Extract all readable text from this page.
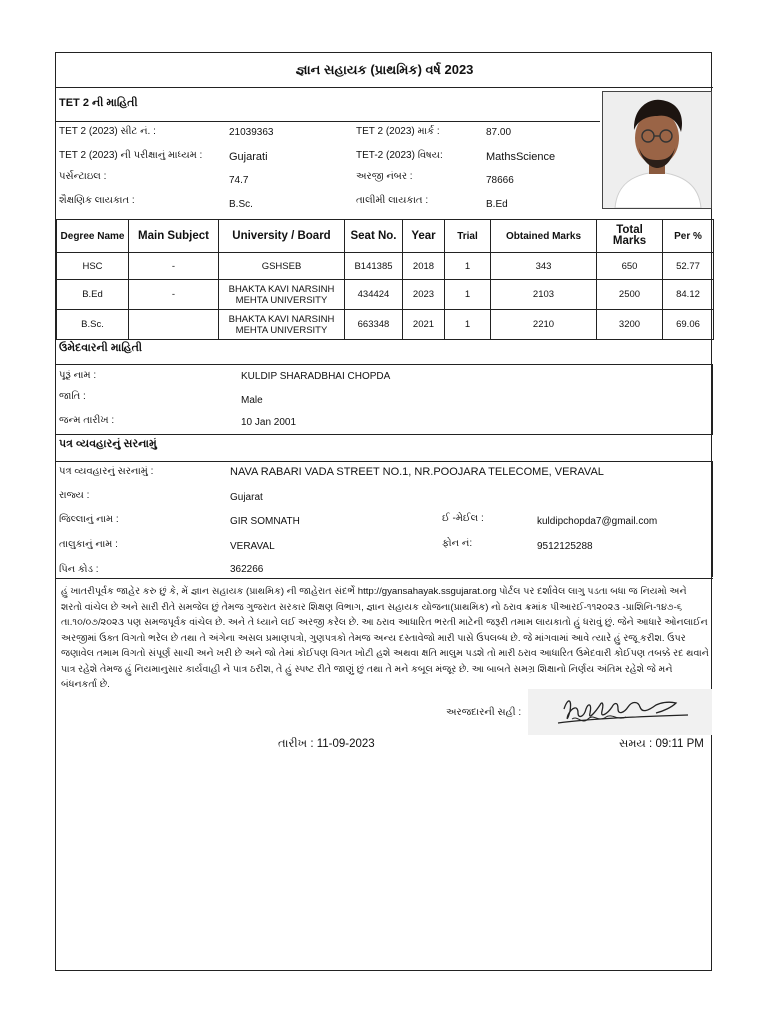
જ્ઞાન સહાયક (પ્રાથમિક) વર્ષ 2023
TET 2 ની માહિતી
TET 2 (2023) સીટ નં. :	21039363	TET 2 (2023) માર્ક :	87.00
TET 2 (2023) ની પરીક્ષાનું માધ્યમ : Gujarati	TET-2 (2023) વિષય:	MathsScience
પર્સન્ટાઇલ :	74.7	અરજી નંબર :	78666
શૈક્ષણિક લાયકાત :	B.Sc.	તાલીમી લાયકાત :	B.Ed
Degree Name	Main Subject	University / Board	Seat No.	Year	Trial	Obtained Marks	Total Marks	Per %
HSC	-	GSHSEB	B141385	2018	1	343	650	52.77
B.Ed	-	BHAKTA KAVI NARSINH MEHTA UNIVERSITY	434424	2023	1	2103	2500	84.12
B.Sc.		BHAKTA KAVI NARSINH MEHTA UNIVERSITY	663348	2021	1	2210	3200	69.06
ઉમેદવારની માહિતી
પૂરૂં નામ :	KULDIP SHARADBHAI CHOPDA
જાતિ :	Male
જન્મ તારીખ :	10 Jan 2001
પત્ર વ્યવહારનું સરનામું
પત્ર વ્યવહારનું સરનામું :	NAVA RABARI VADA STREET NO.1, NR.POOJARA TELECOME, VERAVAL
રાજ્ય :	Gujarat
જિલ્લાનું નામ :	GIR SOMNATH	ઈ -મેઈલ :	kuldipchopda7@gmail.com
તાલુકાનું નામ :	VERAVAL	ફોન નં:	9512125288
પિન કોડ :	362266
હું ખાતરીપૂર્વક જાહેર કરુ છું કે, મેં જ્ઞાન સહાયક (પ્રાથમિક) ની જાહેરાત સંદર્ભે http://gyansahayak.ssgujarat.org પોર્ટલ પર દર્શાવેલ લાગુ પડતા બધા જ નિયમો અને શરતો વાંચેલ છે અને સારી રીતે સમજેલ છું તેમજ ગુજરાત સરકાર શિક્ષણ વિભાગ, જ્ઞાન સહાયક યોજના(પ્રાથમિક) નો ઠરાવ ક્રમાંક પીઆરઈ-૧૧૨૦૨૩ -પ્રાશિનિ-૧૪૭-૬ તા.૧૦/૦૭/૨૦૨૩ પણ સમજપૂર્વક વાંચેલ છે. અને તે ધ્યાને લઈ અરજી કરેલ છે. આ ઠરાવ આધારિત ભરતી માટેની જરૂરી તમામ લાયકાતો હું ધરાવું છું. જેને આધારે ઓનલાઈન અરજીમાં ઉક્ત વિગતો ભરેલ છે તથા તે અંગેના અસલ પ્રમાણપત્રો, ગુણપત્રકો તેમજ અન્ય દસ્તાવેજો મારી પાસે ઉપલબ્ધ છે. જે માંગવામાં આવે ત્યારે હું રજૂ કરીશ. ઉપર જણાવેલ તમામ વિગતો સંપૂર્ણ સાચી અને ખરી છે અને જો તેમાં કોઈપણ વિગત ખોટી હશે અથવા ક્ષતિ માલુમ પડશે તો મારી ઠરાવ આધારિત ઉમેદવારી કોઈપણ તબક્કે રદ થવાને પાત્ર રહેશે તેમજ હું નિયમાનુસાર કાર્યવાહી ને પાત્ર ઠરીશ, તે હું સ્પષ્ટ રીતે જાણું છું તથા તે મને કબૂલ મંજૂર છે. આ બાબતે સમગ્ર શિક્ષાનો નિર્ણય અંતિમ રહેશે જે મને બંધનકર્તા છે.
અરજદારની સહી :
તારીખ : 11-09-2023	સમય : 09:11 PM
